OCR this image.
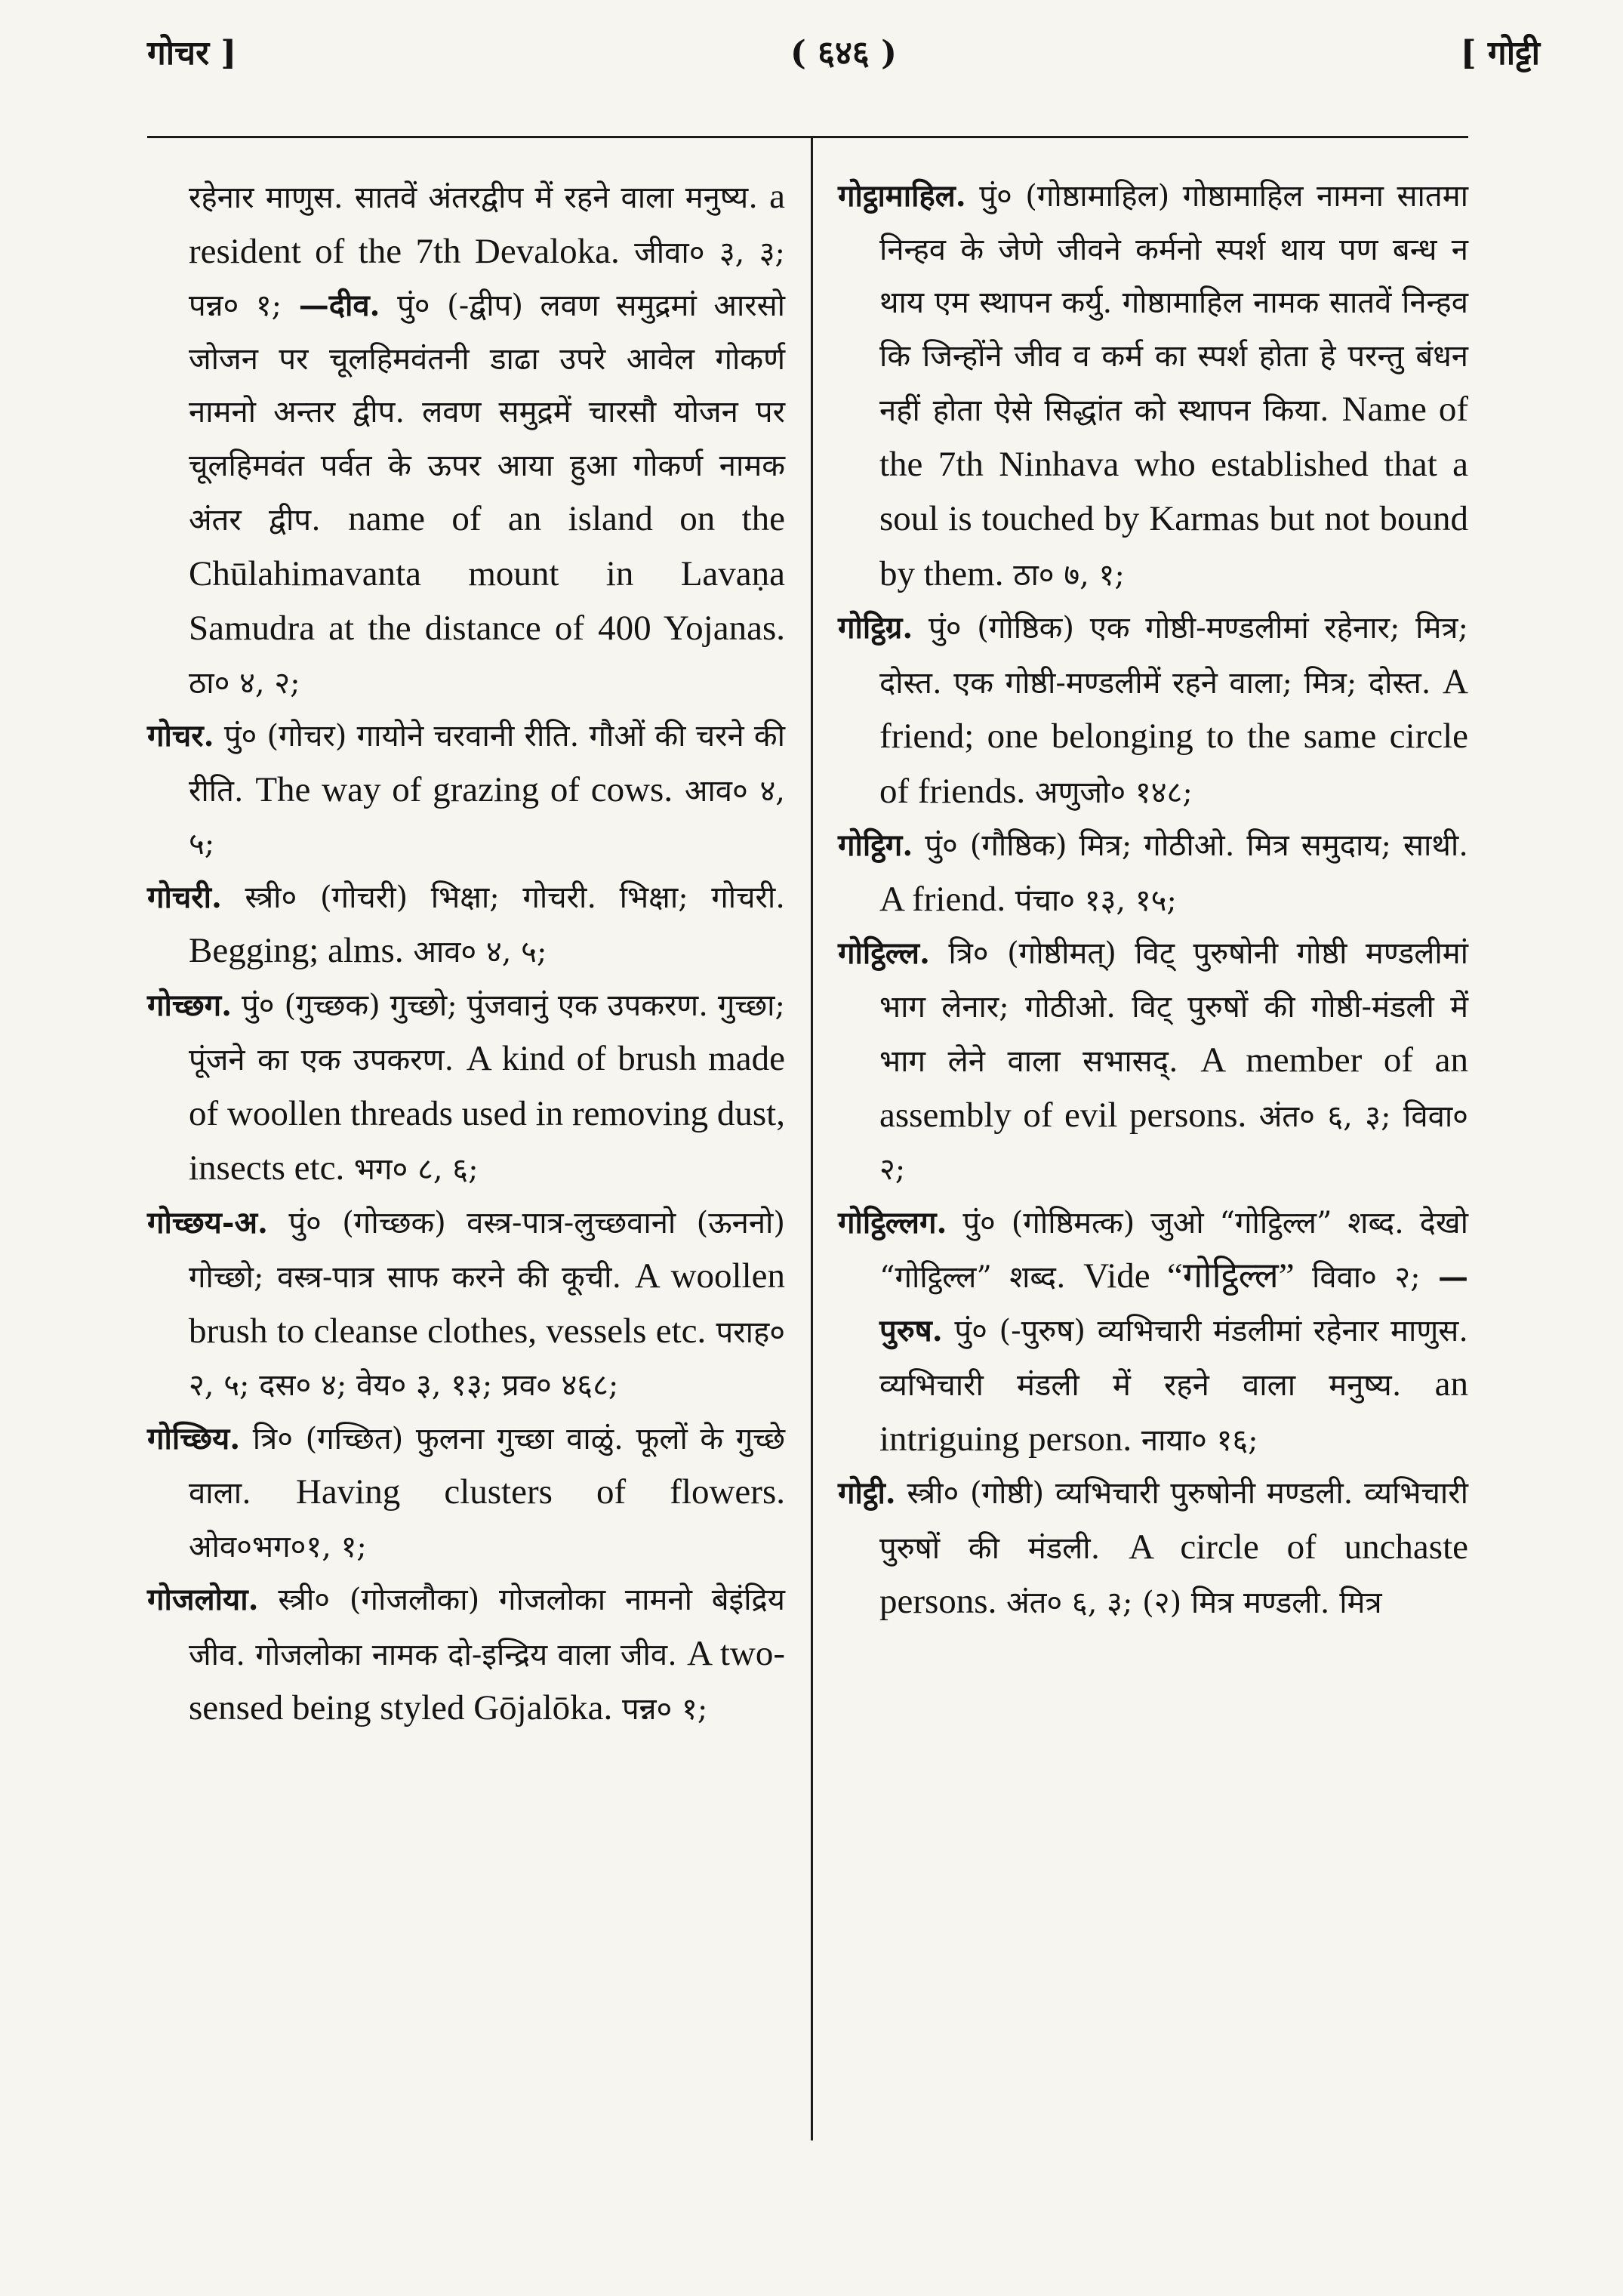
गोचर ]	( ६४६ )	[ गोट्टी

रहेनार माणुस. सातवें अंतरद्वीप में रहने वाला मनुष्य. a resident of the 7th Devaloka. जीवा० ३, ३; पन्न० १; —दीव. पुं० (-द्वीप) लवण समुद्रमां आरसो जोजन पर चूलहिमवंतनी डाढा उपरे आवेल गोकर्ण नामनो अन्तर द्वीप. लवण समुद्रमें चारसौ योजन पर चूलहिमवंत पर्वत के ऊपर आया हुआ गोकर्ण नामक अंतर द्वीप. name of an island on the Chūlahimavanta mount in Lavaṇa Samudra at the distance of 400 Yojanas. ठा० ४, २;

गोचर. पुं० (गोचर) गायोने चरवानी रीति. गौओं की चरने की रीति. The way of grazing of cows. आव० ४, ५;

गोचरी. स्त्री० (गोचरी) भिक्षा; गोचरी. भिक्षा; गोचरी. Begging; alms. आव० ४, ५;

गोच्छग. पुं० (गुच्छक) गुच्छो; पुंजवानुं एक उपकरण. गुच्छा; पूंजने का एक उपकरण. A kind of brush made of woollen threads used in removing dust, insects etc. भग० ८, ६;

गोच्छय-अ. पुं० (गोच्छक) वस्त्र-पात्र-लुच्छवानो (ऊननो) गोच्छो; वस्त्र-पात्र साफ करने की कूची. A woollen brush to cleanse clothes, vessels etc. पराह० २, ५; दस० ४; वेय० ३, १३; प्रव० ४६८;

गोच्छिय. त्रि० (गच्छित) फुलना गुच्छा वाळुं. फूलों के गुच्छे वाला. Having clusters of flowers. ओव०भग०१, १;

गोजलोया. स्त्री० (गोजलौका) गोजलोका नामनो बेइंद्रिय जीव. गोजलोका नामक दो-इन्द्रिय वाला जीव. A two-sensed being styled Gōjalōka. पन्न० १;

गोट्ठामाहिल. पुं० (गोष्ठामाहिल) गोष्ठामाहिल नामना सातमा निन्हव के जेणे जीवने कर्मनो स्पर्श थाय पण बन्ध न थाय एम स्थापन कर्यु. गोष्ठामाहिल नामक सातवें निन्हव कि जिन्होंने जीव व कर्म का स्पर्श होता हे परन्तु बंधन नहीं होता ऐसे सिद्धांत को स्थापन किया. Name of the 7th Ninhava who established that a soul is touched by Karmas but not bound by them. ठा० ७, १;

गोट्ठिग्र. पुं० (गोष्ठिक) एक गोष्ठी-मण्डलीमां रहेनार; मित्र; दोस्त. एक गोष्ठी-मण्डलीमें रहने वाला; मित्र; दोस्त. A friend; one belonging to the same circle of friends. अणुजो० १४८;

गोट्ठिग. पुं० (गौष्ठिक) मित्र; गोठीओ. मित्र समुदाय; साथी. A friend. पंचा० १३, १५;

गोट्ठिल्ल. त्रि० (गोष्ठीमत्) विट् पुरुषोनी गोष्ठी मण्डलीमां भाग लेनार; गोठीओ. विट् पुरुषों की गोष्ठी-मंडली में भाग लेने वाला सभासद्. A member of an assembly of evil persons. अंत० ६, ३; विवा० २;

गोट्ठिल्लग. पुं० (गोष्ठिमत्क) जुओ “गोट्ठिल्ल” शब्द. देखो “गोट्ठिल्ल” शब्द. Vide “गोट्ठिल्ल” विवा० २; —पुरुष. पुं० (-पुरुष) व्यभिचारी मंडलीमां रहेनार माणुस. व्यभिचारी मंडली में रहने वाला मनुष्य. an intriguing person. नाया० १६;

गोट्ठी. स्त्री० (गोष्ठी) व्यभिचारी पुरुषोनी मण्डली. व्यभिचारी पुरुषों की मंडली. A circle of unchaste persons. अंत० ६, ३; (२) मित्र मण्डली. मित्र
